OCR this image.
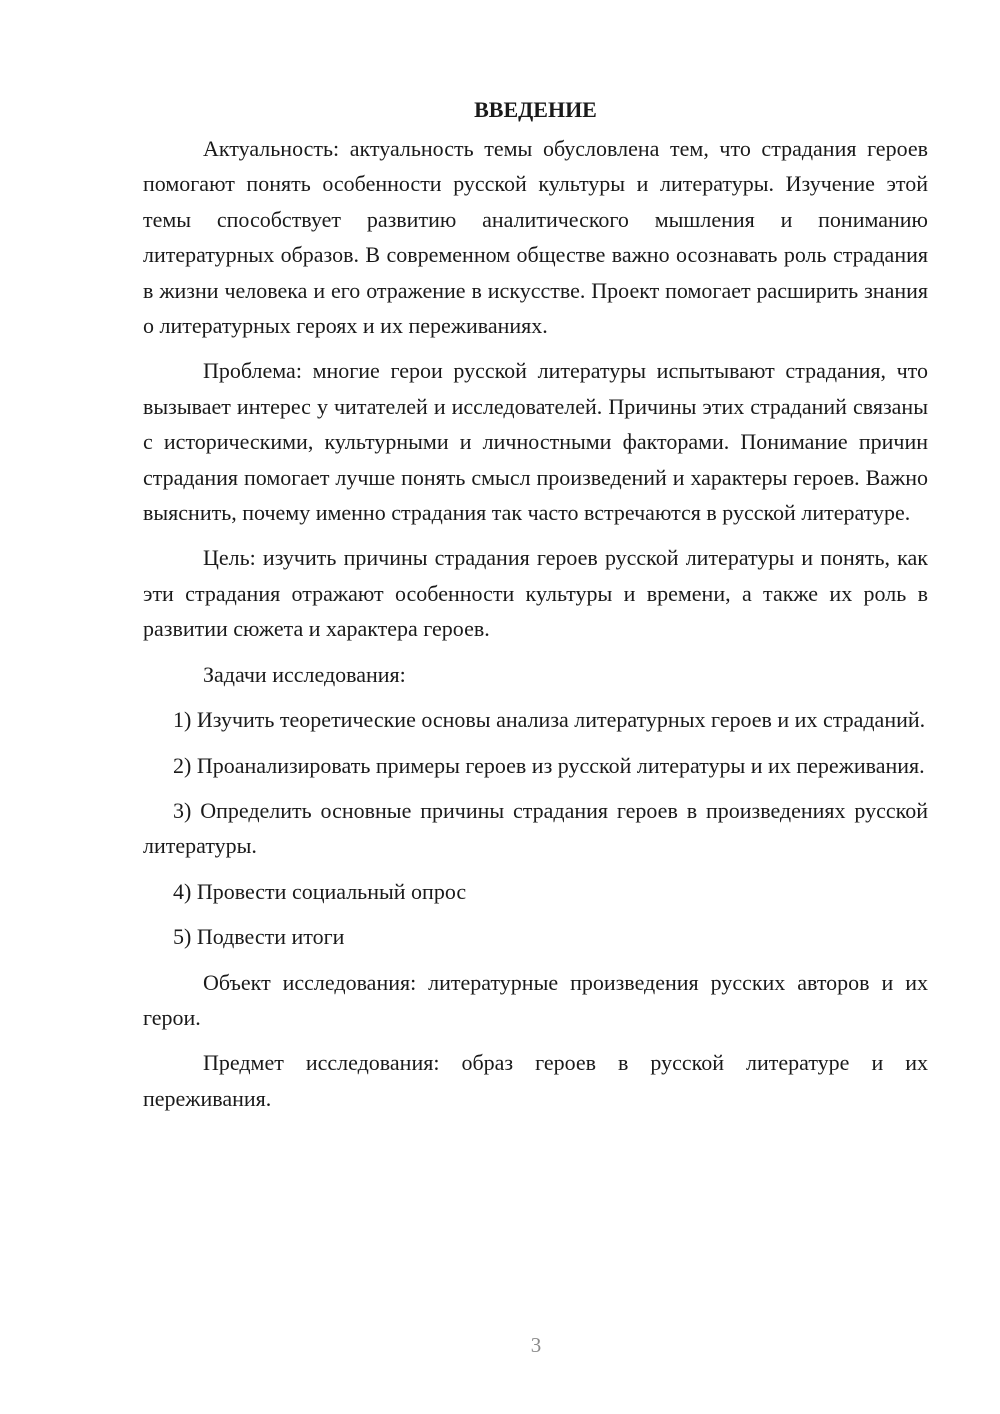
ВВЕДЕНИЕ

Актуальность: актуальность темы обусловлена тем, что страдания героев помогают понять особенности русской культуры и литературы. Изучение этой темы способствует развитию аналитического мышления и пониманию литературных образов. В современном обществе важно осознавать роль страдания в жизни человека и его отражение в искусстве. Проект помогает расширить знания о литературных героях и их переживаниях.

Проблема: многие герои русской литературы испытывают страдания, что вызывает интерес у читателей и исследователей. Причины этих страданий связаны с историческими, культурными и личностными факторами. Понимание причин страдания помогает лучше понять смысл произведений и характеры героев. Важно выяснить, почему именно страдания так часто встречаются в русской литературе.

Цель: изучить причины страдания героев русской литературы и понять, как эти страдания отражают особенности культуры и времени, а также их роль в развитии сюжета и характера героев.

Задачи исследования:

1) Изучить теоретические основы анализа литературных героев и их страданий.

2) Проанализировать примеры героев из русской литературы и их переживания.

3) Определить основные причины страдания героев в произведениях русской литературы.

4) Провести социальный опрос

5) Подвести итоги

Объект исследования: литературные произведения русских авторов и их герои.

Предмет исследования: образ героев в русской литературе и их переживания.

3
